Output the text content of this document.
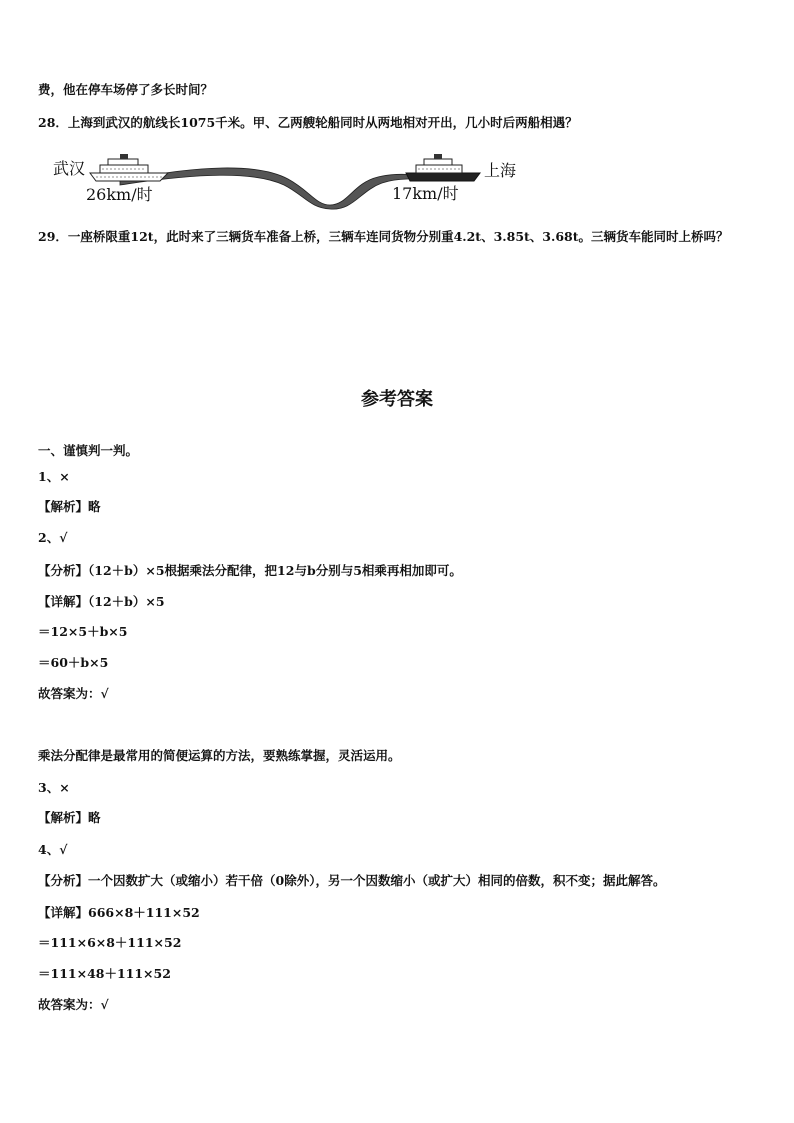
费，他在停车场停了多长时间？
28．上海到武汉的航线长1075千米。甲、乙两艘轮船同时从两地相对开出，几小时后两船相遇？
武汉
26km/时
上海
17km/时
29．一座桥限重12t，此时来了三辆货车准备上桥，三辆车连同货物分别重4.2t、3.85t、3.68t。三辆货车能同时上桥吗？
参考答案
一、谨慎判一判。
1、×
【解析】略
2、√
【分析】（12＋b）×5根据乘法分配律，把12与b分别与5相乘再相加即可。
【详解】（12＋b）×5
＝12×5＋b×5
＝60＋b×5
故答案为：√
乘法分配律是最常用的简便运算的方法，要熟练掌握，灵活运用。
3、×
【解析】略
4、√
【分析】一个因数扩大（或缩小）若干倍（0除外），另一个因数缩小（或扩大）相同的倍数，积不变；据此解答。
【详解】666×8＋111×52
＝111×6×8＋111×52
＝111×48＋111×52
故答案为：√
